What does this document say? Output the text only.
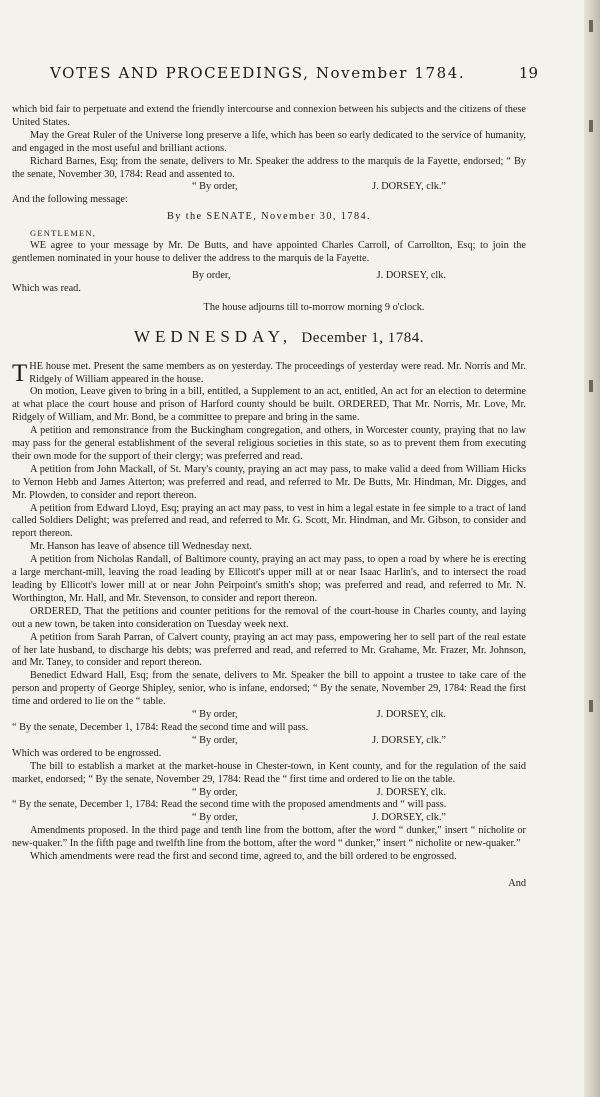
VOTES AND PROCEEDINGS, November 1784.	19

which bid fair to perpetuate and extend the friendly intercourse and connexion between his subjects and the citizens of these United States.

May the Great Ruler of the Universe long preserve a life, which has been so early dedicated to the service of humanity, and engaged in the most useful and brilliant actions.

Richard Barnes, Esq; from the senate, delivers to Mr. Speaker the address to the marquis de la Fayette, endorsed; “ By the senate, November 30, 1784: Read and assented to.

“ By order,	J. DORSEY, clk.”

And the following message:

By the SENATE, November 30, 1784.

GENTLEMEN,

WE agree to your message by Mr. De Butts, and have appointed Charles Carroll, of Carrollton, Esq; to join the gentlemen nominated in your house to deliver the address to the marquis de la Fayette.

By order,	J. DORSEY, clk.

Which was read.

The house adjourns till to-morrow morning 9 o'clock.

WEDNESDAY, December 1, 1784.

THE house met. Present the same members as on yesterday. The proceedings of yesterday were read. Mr. Norris and Mr. Ridgely of William appeared in the house.

On motion, Leave given to bring in a bill, entitled, a Supplement to an act, entitled, An act for an election to determine at what place the court house and prison of Harford county should be built. ORDERED, That Mr. Norris, Mr. Love, Mr. Ridgely of William, and Mr. Bond, be a committee to prepare and bring in the same.

A petition and remonstrance from the Buckingham congregation, and others, in Worcester county, praying that no law may pass for the general establishment of the several religious societies in this state, so as to prevent them from executing their own mode for the support of their clergy; was preferred and read.

A petition from John Mackall, of St. Mary's county, praying an act may pass, to make valid a deed from William Hicks to Vernon Hebb and James Atterton; was preferred and read, and referred to Mr. De Butts, Mr. Hindman, Mr. Digges, and Mr. Plowden, to consider and report thereon.

A petition from Edward Lloyd, Esq; praying an act may pass, to vest in him a legal estate in fee simple to a tract of land called Soldiers Delight; was preferred and read, and referred to Mr. G. Scott, Mr. Hindman, and Mr. Gibson, to consider and report thereon.

Mr. Hanson has leave of absence till Wednesday next.

A petition from Nicholas Randall, of Baltimore county, praying an act may pass, to open a road by where he is erecting a large merchant-mill, leaving the road leading by Ellicott's upper mill at or near Isaac Harlin's, and to intersect the road leading by Ellicott's lower mill at or near John Peirpoint's smith's shop; was preferred and read, and referred to Mr. N. Worthington, Mr. Hall, and Mr. Stevenson, to consider and report thereon.

ORDERED, That the petitions and counter petitions for the removal of the court-house in Charles county, and laying out a new town, be taken into consideration on Tuesday week next.

A petition from Sarah Parran, of Calvert county, praying an act may pass, empowering her to sell part of the real estate of her late husband, to discharge his debts; was preferred and read, and referred to Mr. Grahame, Mr. Frazer, Mr. Johnson, and Mr. Taney, to consider and report thereon.

Benedict Edward Hall, Esq; from the senate, delivers to Mr. Speaker the bill to appoint a trustee to take care of the person and property of George Shipley, senior, who is infane, endorsed; “ By the senate, November 29, 1784: Read the first time and ordered to lie on the “ table.

“ By order,	J. DORSEY, clk.

“ By the senate, December 1, 1784: Read the second time and will pass.

“ By order,	J. DORSEY, clk.”

Which was ordered to be engrossed.

The bill to establish a market at the market-house in Chester-town, in Kent county, and for the regulation of the said market, endorsed; “ By the senate, November 29, 1784: Read the “ first time and ordered to lie on the table.

“ By order,	J. DORSEY, clk.

“ By the senate, December 1, 1784: Read the second time with the proposed amendments and “ will pass.

“ By order,	J. DORSEY, clk.”

Amendments proposed. In the third page and tenth line from the bottom, after the word “ dunker,” insert “ nicholite or new-quaker.” In the fifth page and twelfth line from the bottom, after the word “ dunker,” insert “ nicholite or new-quaker.”

Which amendments were read the first and second time, agreed to, and the bill ordered to be engrossed.

And
